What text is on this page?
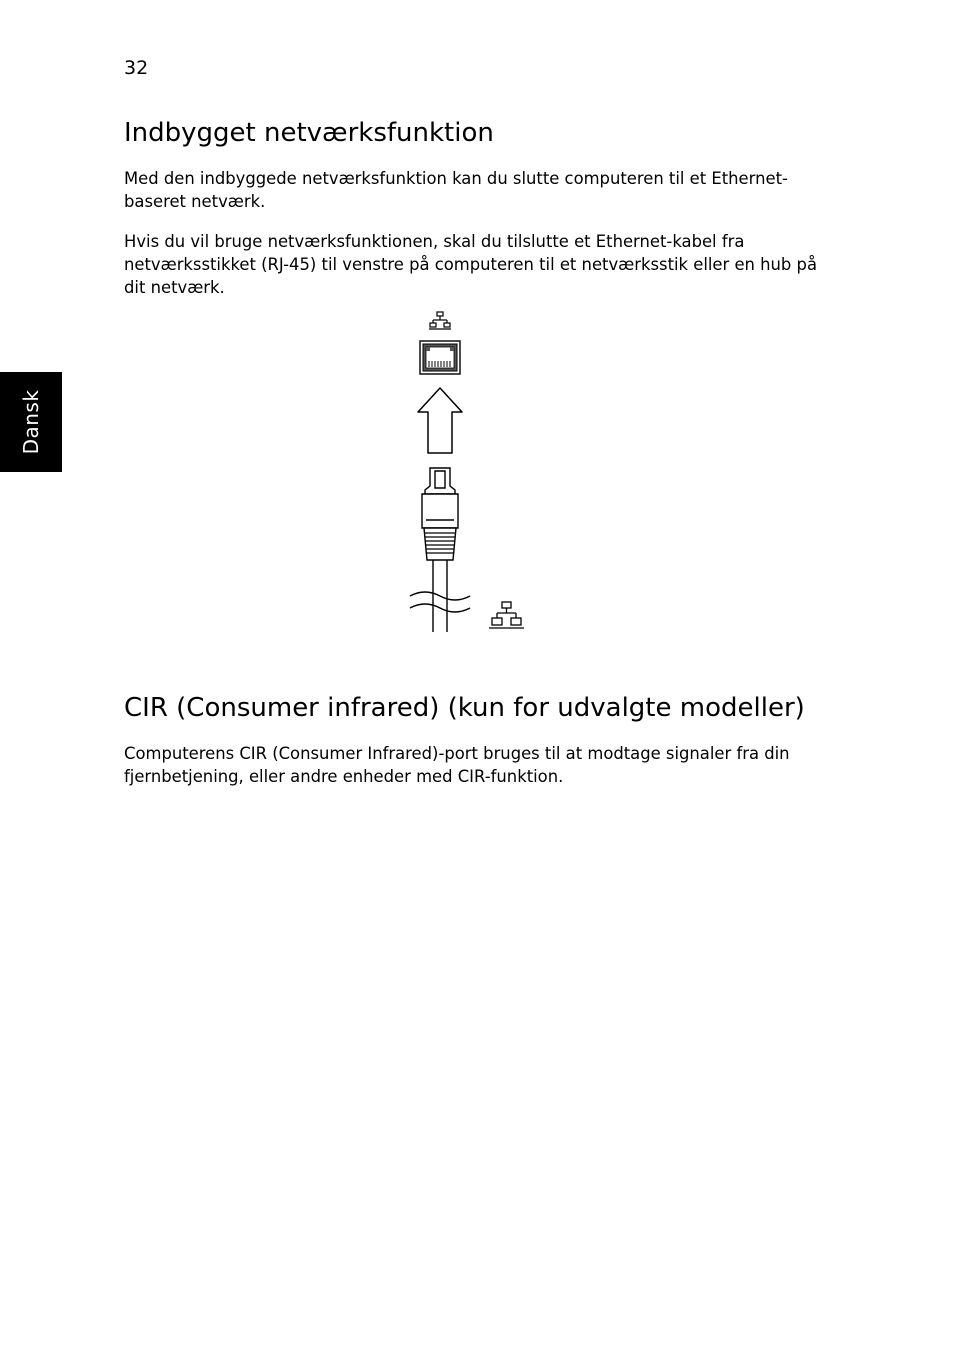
32
Dansk
Indbygget netværksfunktion

Med den indbyggede netværksfunktion kan du slutte computeren til et Ethernet-baseret netværk.

Hvis du vil bruge netværksfunktionen, skal du tilslutte et Ethernet-kabel fra netværksstikket (RJ-45) til venstre på computeren til et netværksstik eller en hub på dit netværk.

CIR (Consumer infrared) (kun for udvalgte modeller)

Computerens CIR (Consumer Infrared)-port bruges til at modtage signaler fra din fjernbetjening, eller andre enheder med CIR-funktion.
